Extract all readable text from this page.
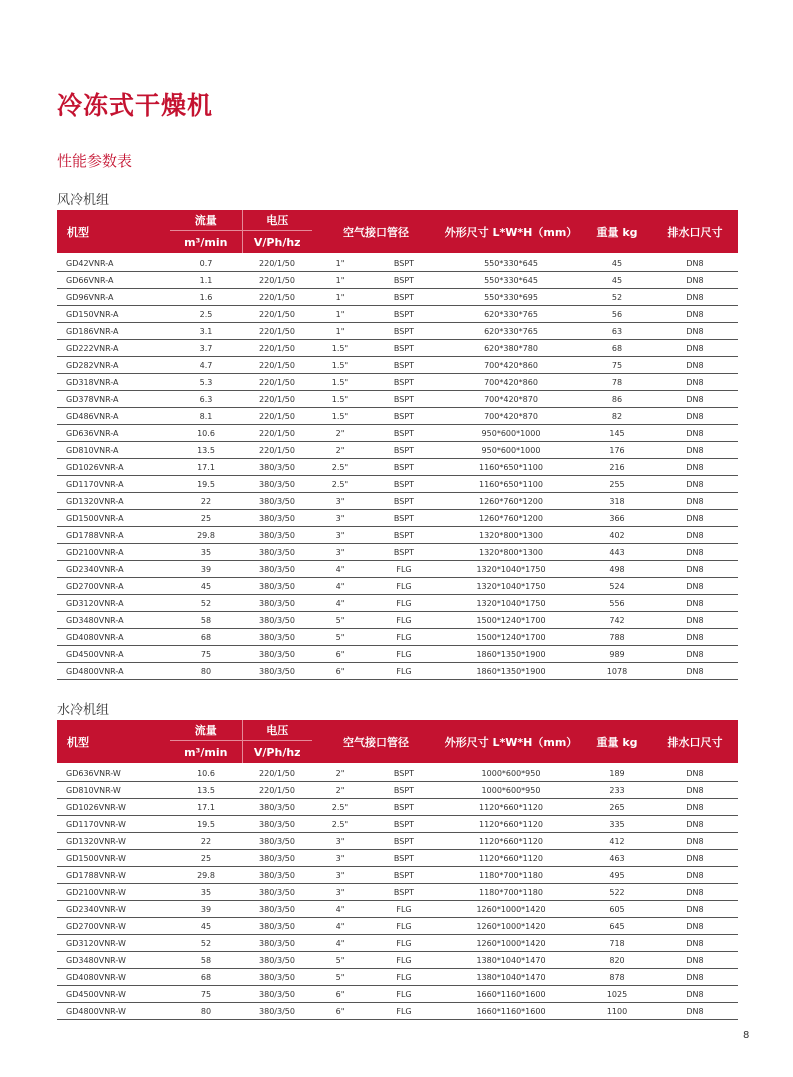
冷冻式干燥机
性能参数表
风冷机组
机型	流量	电压	空气接口管径		外形尺寸 L*W*H（mm）	重量 kg	排水口尺寸
	m³/min	V/Ph/hz					
GD42VNR-A	0.7	220/1/50	1"	BSPT	550*330*645	45	DN8
GD66VNR-A	1.1	220/1/50	1"	BSPT	550*330*645	45	DN8
GD96VNR-A	1.6	220/1/50	1"	BSPT	550*330*695	52	DN8
GD150VNR-A	2.5	220/1/50	1"	BSPT	620*330*765	56	DN8
GD186VNR-A	3.1	220/1/50	1"	BSPT	620*330*765	63	DN8
GD222VNR-A	3.7	220/1/50	1.5"	BSPT	620*380*780	68	DN8
GD282VNR-A	4.7	220/1/50	1.5"	BSPT	700*420*860	75	DN8
GD318VNR-A	5.3	220/1/50	1.5"	BSPT	700*420*860	78	DN8
GD378VNR-A	6.3	220/1/50	1.5"	BSPT	700*420*870	86	DN8
GD486VNR-A	8.1	220/1/50	1.5"	BSPT	700*420*870	82	DN8
GD636VNR-A	10.6	220/1/50	2"	BSPT	950*600*1000	145	DN8
GD810VNR-A	13.5	220/1/50	2"	BSPT	950*600*1000	176	DN8
GD1026VNR-A	17.1	380/3/50	2.5"	BSPT	1160*650*1100	216	DN8
GD1170VNR-A	19.5	380/3/50	2.5"	BSPT	1160*650*1100	255	DN8
GD1320VNR-A	22	380/3/50	3"	BSPT	1260*760*1200	318	DN8
GD1500VNR-A	25	380/3/50	3"	BSPT	1260*760*1200	366	DN8
GD1788VNR-A	29.8	380/3/50	3"	BSPT	1320*800*1300	402	DN8
GD2100VNR-A	35	380/3/50	3"	BSPT	1320*800*1300	443	DN8
GD2340VNR-A	39	380/3/50	4"	FLG	1320*1040*1750	498	DN8
GD2700VNR-A	45	380/3/50	4"	FLG	1320*1040*1750	524	DN8
GD3120VNR-A	52	380/3/50	4"	FLG	1320*1040*1750	556	DN8
GD3480VNR-A	58	380/3/50	5"	FLG	1500*1240*1700	742	DN8
GD4080VNR-A	68	380/3/50	5"	FLG	1500*1240*1700	788	DN8
GD4500VNR-A	75	380/3/50	6"	FLG	1860*1350*1900	989	DN8
GD4800VNR-A	80	380/3/50	6"	FLG	1860*1350*1900	1078	DN8
水冷机组
机型	流量	电压	空气接口管径		外形尺寸 L*W*H（mm）	重量 kg	排水口尺寸
	m³/min	V/Ph/hz					
GD636VNR-W	10.6	220/1/50	2"	BSPT	1000*600*950	189	DN8
GD810VNR-W	13.5	220/1/50	2"	BSPT	1000*600*950	233	DN8
GD1026VNR-W	17.1	380/3/50	2.5"	BSPT	1120*660*1120	265	DN8
GD1170VNR-W	19.5	380/3/50	2.5"	BSPT	1120*660*1120	335	DN8
GD1320VNR-W	22	380/3/50	3"	BSPT	1120*660*1120	412	DN8
GD1500VNR-W	25	380/3/50	3"	BSPT	1120*660*1120	463	DN8
GD1788VNR-W	29.8	380/3/50	3"	BSPT	1180*700*1180	495	DN8
GD2100VNR-W	35	380/3/50	3"	BSPT	1180*700*1180	522	DN8
GD2340VNR-W	39	380/3/50	4"	FLG	1260*1000*1420	605	DN8
GD2700VNR-W	45	380/3/50	4"	FLG	1260*1000*1420	645	DN8
GD3120VNR-W	52	380/3/50	4"	FLG	1260*1000*1420	718	DN8
GD3480VNR-W	58	380/3/50	5"	FLG	1380*1040*1470	820	DN8
GD4080VNR-W	68	380/3/50	5"	FLG	1380*1040*1470	878	DN8
GD4500VNR-W	75	380/3/50	6"	FLG	1660*1160*1600	1025	DN8
GD4800VNR-W	80	380/3/50	6"	FLG	1660*1160*1600	1100	DN8
8
